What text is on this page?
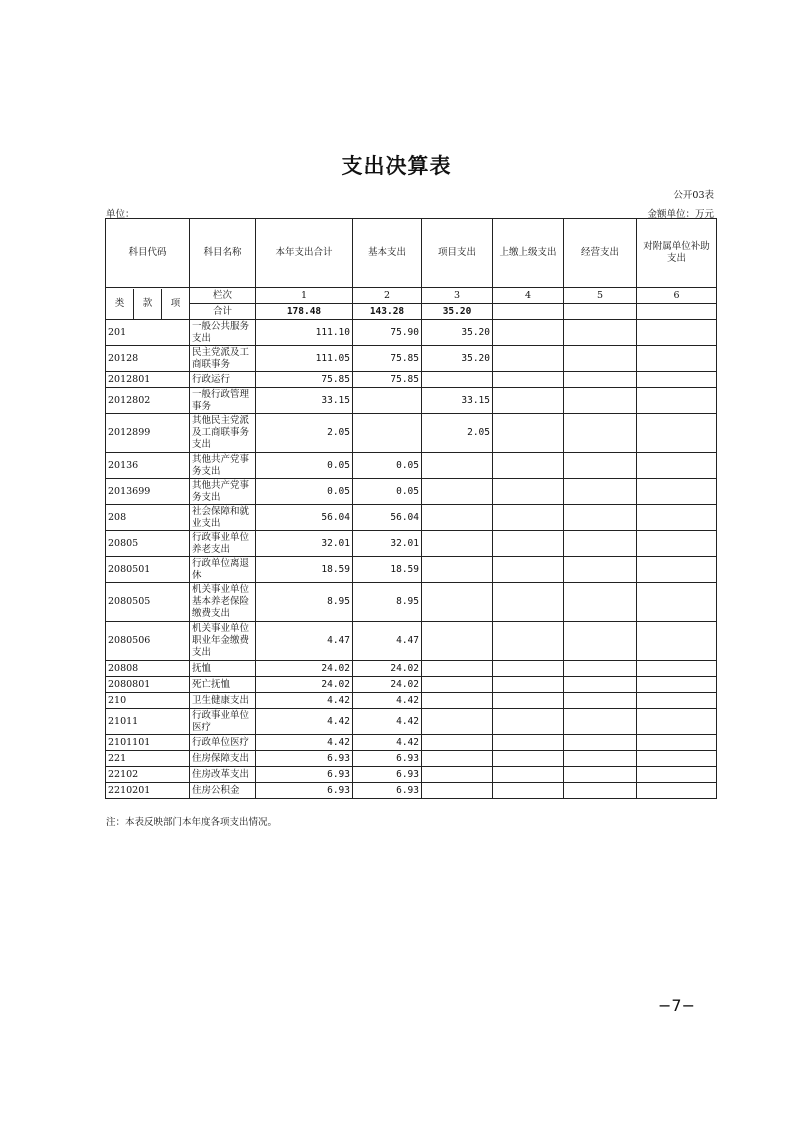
支出决算表
公开03表
单位：	金额单位：万元
科目代码	科目名称	本年支出合计	基本支出	项目支出	上缴上级支出	经营支出	对附属单位补助支出

类 款 项	栏次	1	2	3	4	5	6
	合计	178.48	143.28	35.20			
201	一般公共服务支出	111.10	75.90	35.20			
20128	民主党派及工商联事务	111.05	75.85	35.20			
2012801	行政运行	75.85	75.85				
2012802	一般行政管理事务	33.15		33.15			
2012899	其他民主党派及工商联事务支出	2.05		2.05			
20136	其他共产党事务支出	0.05	0.05				
2013699	其他共产党事务支出	0.05	0.05				
208	社会保障和就业支出	56.04	56.04				
20805	行政事业单位养老支出	32.01	32.01				
2080501	行政单位离退休	18.59	18.59				
2080505	机关事业单位基本养老保险缴费支出	8.95	8.95				
2080506	机关事业单位职业年金缴费支出	4.47	4.47				
20808	抚恤	24.02	24.02				
2080801	死亡抚恤	24.02	24.02				
210	卫生健康支出	4.42	4.42				
21011	行政事业单位医疗	4.42	4.42				
2101101	行政单位医疗	4.42	4.42				
221	住房保障支出	6.93	6.93				
22102	住房改革支出	6.93	6.93				
2210201	住房公积金	6.93	6.93				
注：本表反映部门本年度各项支出情况。
−7−
